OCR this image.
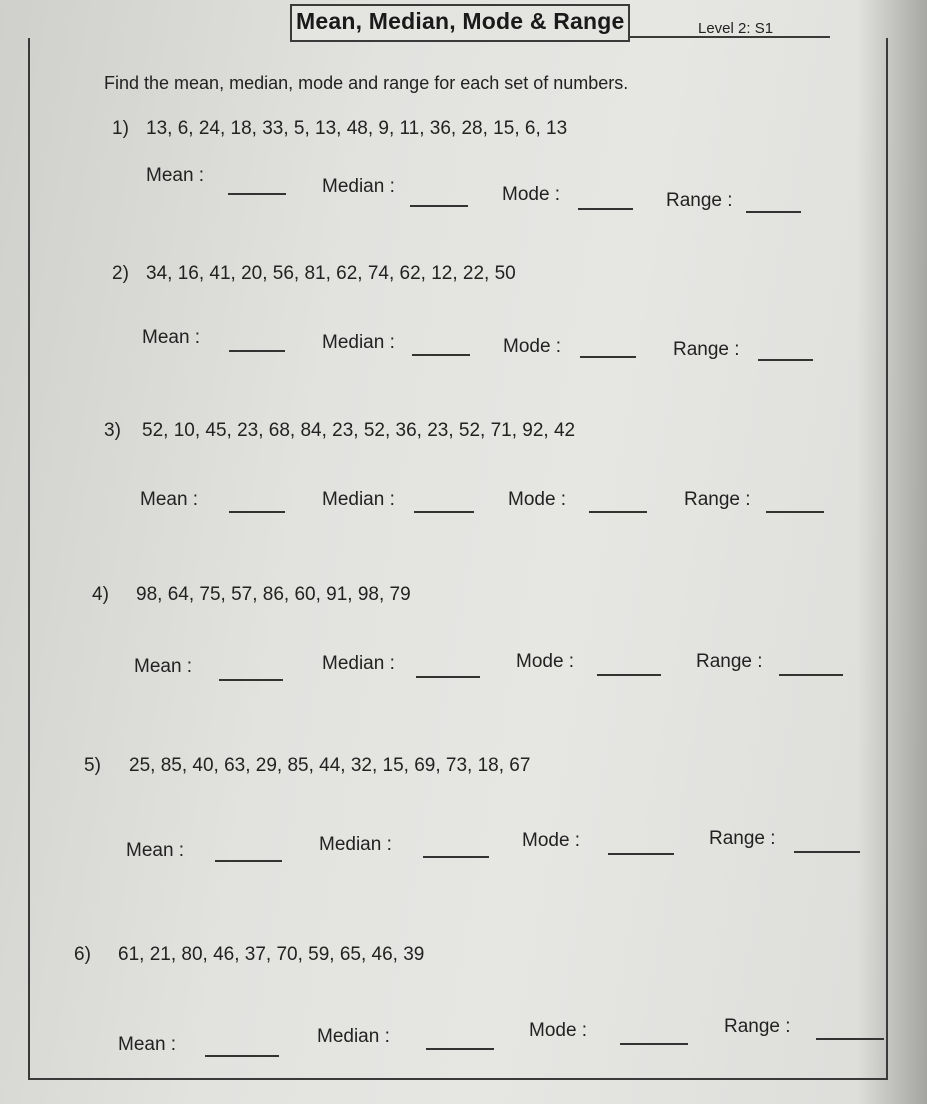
Mean, Median, Mode & Range	Level 2: S1
Find the mean, median, mode and range for each set of numbers.
1) 13, 6, 24, 18, 33, 5, 13, 48, 9, 11, 36, 28, 15, 6, 13
Mean :
Median :	Mode :	Range :
2) 34, 16, 41, 20, 56, 81, 62, 74, 62, 12, 22, 50
Mean :	Median :	Mode :	Range :
3) 52, 10, 45, 23, 68, 84, 23, 52, 36, 23, 52, 71, 92, 42
Mean :	Median :	Mode :	Range :
4) 98, 64, 75, 57, 86, 60, 91, 98, 79
Mean :	Median :	Mode :	Range :
5) 25, 85, 40, 63, 29, 85, 44, 32, 15, 69, 73, 18, 67
Mean :	Median :	Mode :	Range :
6) 61, 21, 80, 46, 37, 70, 59, 65, 46, 39
Mean :	Median :	Mode :	Range :
